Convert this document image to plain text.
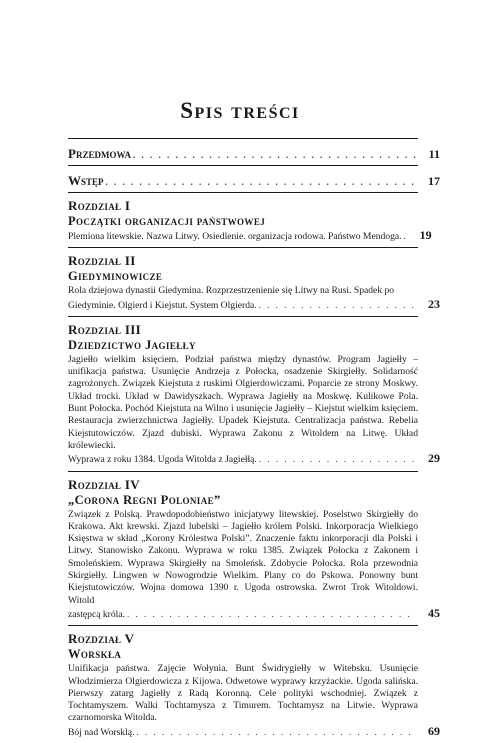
Spis treści
Przedmowa . . .	11
Wstęp . . .	17
Rozdział I
Początki organizacji państwowej
Plemiona litewskie. Nazwa Litwy. Osiedlenie. organizacja rodowa. Państwo Mendoga. . . .	19
Rozdział II
Giedyminowicze
Rola dziejowa dynastii Giedymina. Rozprzestrzenienie się Litwy na Rusi. Spadek po
Giedyminie. Olgierd i Kiejstut. System Olgierda. . . .	23
Rozdział III
Dziedzictwo Jagiełły
Jagiełło wielkim księciem. Podział państwa między dynastów. Program Jagiełły –unifikacja państwa. Usunięcie Andrzeja z Połocka, osadzenie Skirgiełły. Solidarność zagrożonych. Związek Kiejstuta z ruskimi Olgierdowiczami. Poparcie ze strony Moskwy. Układ trocki. Układ w Dawidyszkach. Wyprawa Jagiełły na Moskwę. Kulikowe Pola. Bunt Połocka. Pochód Kiejstuta na Wilno i usunięcie Jagiełły – Kiejstut wielkim księciem. Restauracja zwierzchnictwa Jagiełły. Upadek Kiejstuta. Centralizacja państwa. Rebelia Kiejstutowiczów. Zjazd dubiski. Wyprawa Zakonu z Witoldem na Litwę. Układ królewiecki.
Wyprawa z roku 1384. Ugoda Witolda z Jagiełłą. . . .	29
Rozdział IV
„Corona Regni Poloniae”
Związek z Polską. Prawdopodobieństwo inicjatywy litewskiej. Poselstwo Skirgiełły do Krakowa. Akt krewski. Zjazd lubelski – Jagiełło królem Polski. Inkorporacja Wielkiego Księstwa w skład „Korony Królestwa Polski”. Znaczenie faktu inkorporacji dla Polski i Litwy. Stanowisko Zakonu. Wyprawa w roku 1385. Związek Połocka z Zakonem i Smoleńskiem. Wyprawa Skirgiełły na Smoleńsk. Zdobycie Połocka. Rola przewodnia Skirgiełły. Lingwen w Nowogrodzie Wielkim. Plany co do Pskowa. Ponowny bunt Kiejstutowiczów. Wojna domowa 1390 r. Ugoda ostrowska. Zwrot Trok Witoldowi. Witold
zastępcą króla. . . .	45
Rozdział V
Worskła
Unifikacja państwa. Zajęcie Wołynia. Bunt Świdrygiełły w Witebsku. Usunięcie Włodzimierza Olgierdowicza z Kijowa. Odwetowe wyprawy krzyżackie. Ugoda salińska. Pierwszy zatarg Jagiełły z Radą Koronną. Cele polityki wschodniej. Związek z Tochtamyszem. Walki Tochtamysza z Timurem. Tochtamysz na Litwie. Wyprawa czarnomorska Witolda.
Bój nad Worsklą. . . .	69
